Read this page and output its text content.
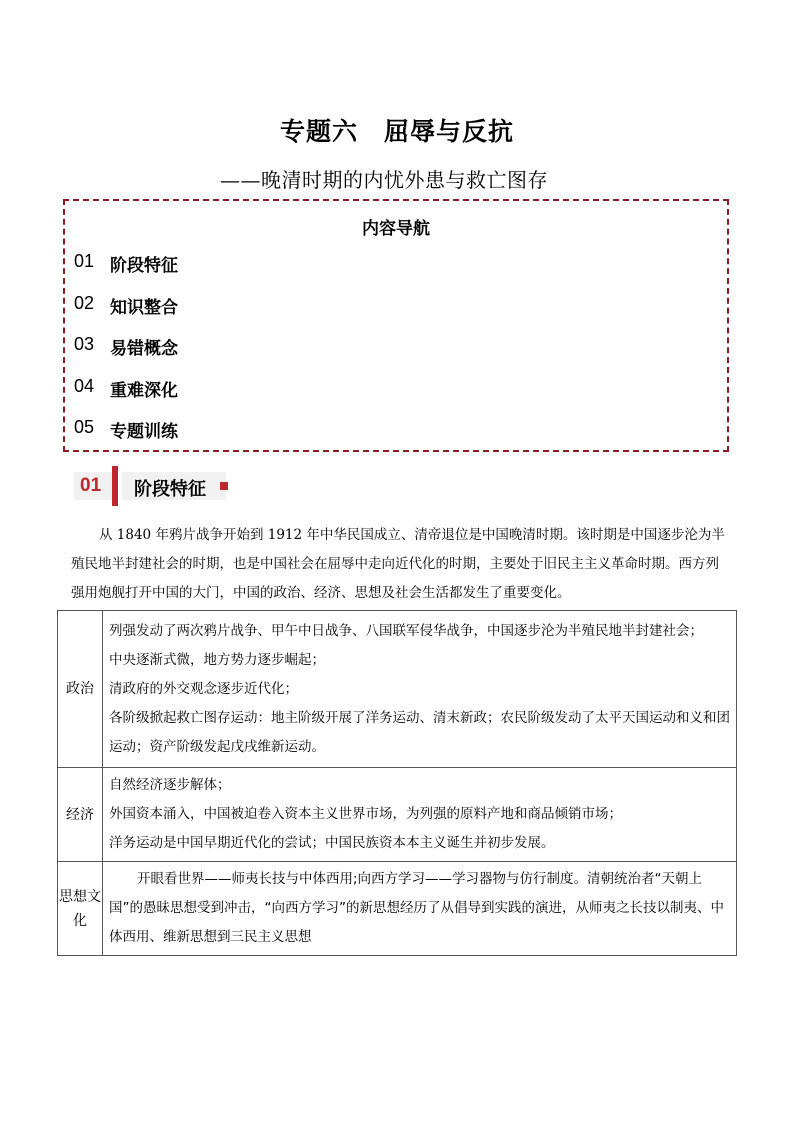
专题六　屈辱与反抗
——晚清时期的内忧外患与救亡图存
内容导航
01 阶段特征
02 知识整合
03 易错概念
04 重难深化
05 专题训练
01 阶段特征

从 1840 年鸦片战争开始到 1912 年中华民国成立、清帝退位是中国晚清时期。该时期是中国逐步沦为半殖民地半封建社会的时期，也是中国社会在屈辱中走向近代化的时期，主要处于旧民主主义革命时期。西方列强用炮舰打开中国的大门，中国的政治、经济、思想及社会生活都发生了重要变化。

政治	列强发动了两次鸦片战争、甲午中日战争、八国联军侵华战争，中国逐步沦为半殖民地半封建社会；
中央逐渐式微，地方势力逐步崛起；
清政府的外交观念逐步近代化；
各阶级掀起救亡图存运动：地主阶级开展了洋务运动、清末新政；农民阶级发动了太平天国运动和义和团运动；资产阶级发起戊戌维新运动。

经济	自然经济逐步解体；
外国资本涌入，中国被迫卷入资本主义世界市场，为列强的原料产地和商品倾销市场；
洋务运动是中国早期近代化的尝试；中国民族资本本主义诞生并初步发展。

思想文化	开眼看世界——师夷长技与中体西用;向西方学习——学习器物与仿行制度。清朝统治者“天朝上国”的愚昧思想受到冲击，“向西方学习”的新思想经历了从倡导到实践的演进，从师夷之长技以制夷、中体西用、维新思想到三民主义思想
